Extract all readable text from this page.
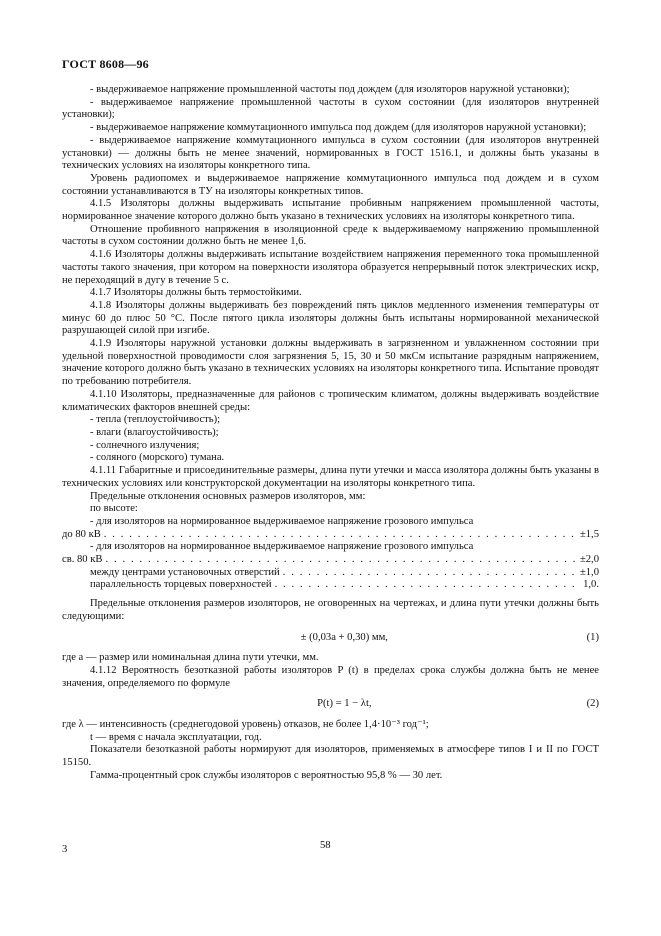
ГОСТ 8608—96

- выдерживаемое напряжение промышленной частоты под дождем (для изоляторов наружной установки);

- выдерживаемое напряжение промышленной частоты в сухом состоянии (для изоляторов внутренней установки);

- выдерживаемое напряжение коммутационного импульса под дождем (для изоляторов наружной установки);

- выдерживаемое напряжение коммутационного импульса в сухом состоянии (для изоляторов внутренней установки) — должны быть не менее значений, нормированных в ГОСТ 1516.1, и должны быть указаны в технических условиях на изоляторы конкретного типа.

Уровень радиопомех и выдерживаемое напряжение коммутационного импульса под дождем и в сухом состоянии устанавливаются в ТУ на изоляторы конкретных типов.

4.1.5 Изоляторы должны выдерживать испытание пробивным напряжением промышленной частоты, нормированное значение которого должно быть указано в технических условиях на изоляторы конкретного типа.

Отношение пробивного напряжения в изоляционной среде к выдерживаемому напряжению промышленной частоты в сухом состоянии должно быть не менее 1,6.

4.1.6 Изоляторы должны выдерживать испытание воздействием напряжения переменного тока промышленной частоты такого значения, при котором на поверхности изолятора образуется непрерывный поток электрических искр, не переходящий в дугу в течение 5 с.

4.1.7 Изоляторы должны быть термостойкими.

4.1.8 Изоляторы должны выдерживать без повреждений пять циклов медленного изменения температуры от минус 60 до плюс 50 °С. После пятого цикла изоляторы должны быть испытаны нормированной механической разрушающей силой при изгибе.

4.1.9 Изоляторы наружной установки должны выдерживать в загрязненном и увлажненном состоянии при удельной поверхностной проводимости слоя загрязнения 5, 15, 30 и 50 мкСм испытание разрядным напряжением, значение которого должно быть указано в технических условиях на изоляторы конкретного типа. Испытание проводят по требованию потребителя.

4.1.10 Изоляторы, предназначенные для районов с тропическим климатом, должны выдерживать воздействие климатических факторов внешней среды:

- тепла (теплоустойчивость);

- влаги (влагоустойчивость);

- солнечного излучения;

- соляного (морского) тумана.

4.1.11 Габаритные и присоединительные размеры, длина пути утечки и масса изолятора должны быть указаны в технических условиях или конструкторской документации на изоляторы конкретного типа.

Предельные отклонения основных размеров изоляторов, мм:

по высоте:

- для изоляторов на нормированное выдерживаемое напряжение грозового импульса

до 80 кВ . . .	±1,5

- для изоляторов на нормированное выдерживаемое напряжение грозового импульса

св. 80 кВ . . .	±2,0
между центрами установочных отверстий . . .	±1,0
параллельность торцевых поверхностей . . .	1,0.

Предельные отклонения размеров изоляторов, не оговоренных на чертежах, и длина пути утечки должны быть следующими:

± (0,03a + 0,30) мм,	(1)

где a — размер или номинальная длина пути утечки, мм.

4.1.12 Вероятность безотказной работы изоляторов P (t) в пределах срока службы должна быть не менее значения, определяемого по формуле

P(t) = 1 − λt,	(2)

где λ — интенсивность (среднегодовой уровень) отказов, не более 1,4·10⁻³ год⁻¹;

t — время с начала эксплуатации, год.

Показатели безотказной работы нормируют для изоляторов, применяемых в атмосфере типов I и II по ГОСТ 15150.

Гамма-процентный срок службы изоляторов с вероятностью 95,8 % — 30 лет.

3	58
